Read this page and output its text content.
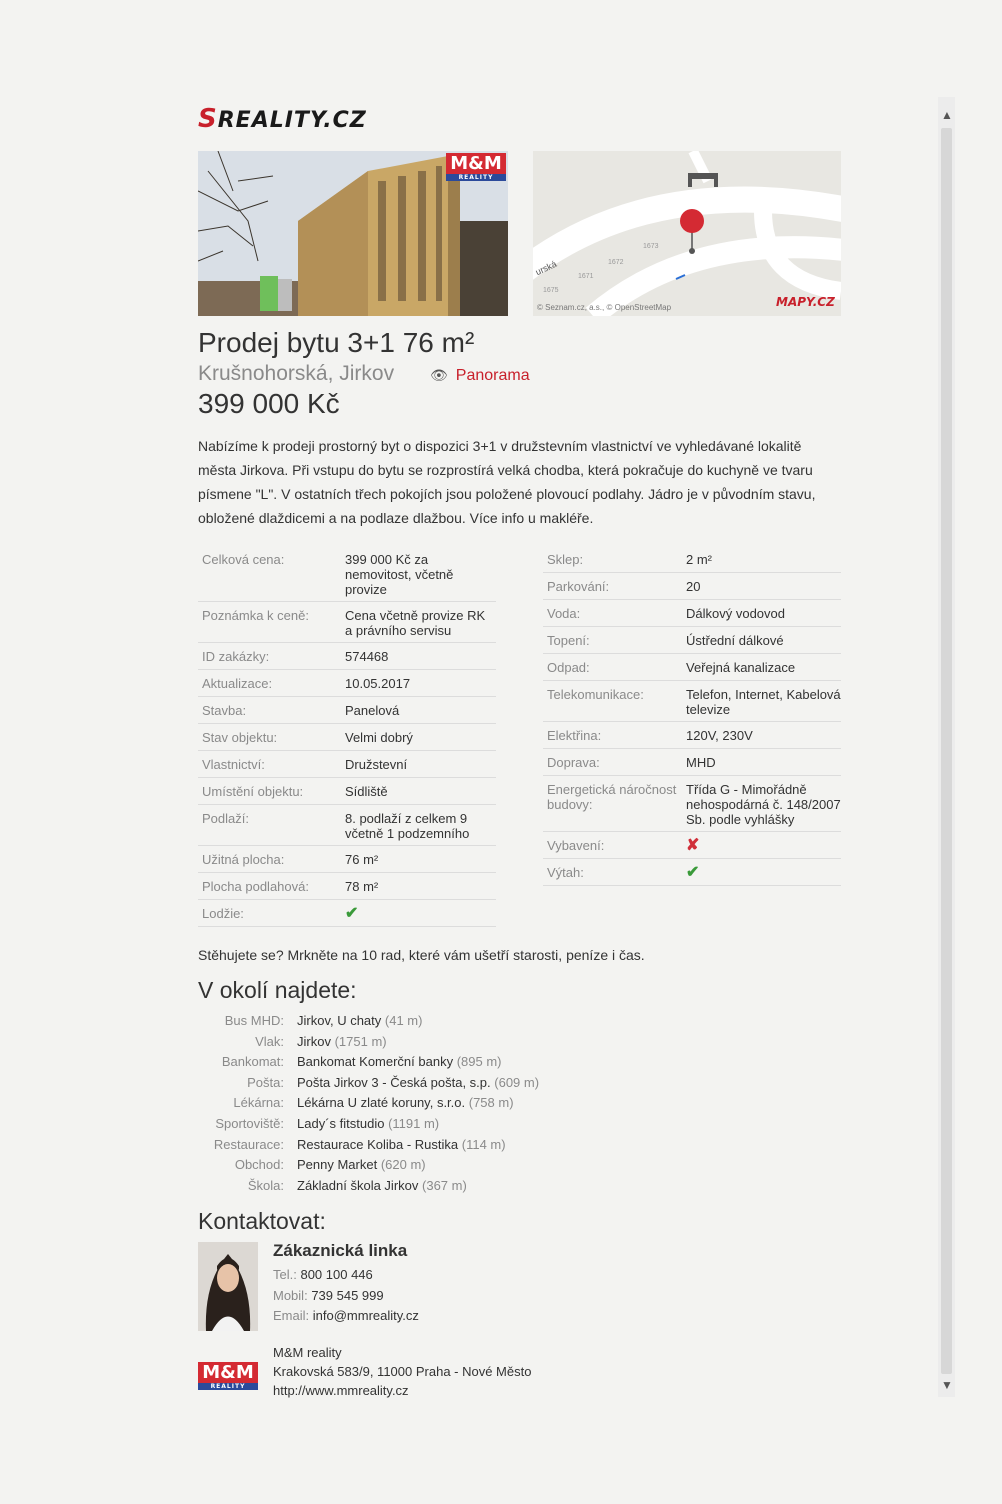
SREALITY.CZ
M&M
REALITY
urská
1673
1672
1671
1675
© Seznam.cz, a.s., © OpenStreetMap	MAPY.CZ
Prodej bytu 3+1 76 m²
Krušnohorská, Jirkov	👁 Panorama
399 000 Kč
Nabízíme k prodeji prostorný byt o dispozici 3+1 v družstevním vlastnictví ve vyhledávané lokalitě města Jirkova. Při vstupu do bytu se rozprostírá velká chodba, která pokračuje do kuchyně ve tvaru písmene "L". V ostatních třech pokojích jsou položené plovoucí podlahy. Jádro je v původním stavu, obložené dlaždicemi a na podlaze dlažbou. Více info u makléře.
Celková cena:	399 000 Kč za nemovitost, včetně provize
Poznámka k ceně:	Cena včetně provize RK a právního servisu
ID zakázky:	574468
Aktualizace:	10.05.2017
Stavba:	Panelová
Stav objektu:	Velmi dobrý
Vlastnictví:	Družstevní
Umístění objektu:	Sídliště
Podlaží:	8. podlaží z celkem 9 včetně 1 podzemního
Užitná plocha:	76 m²
Plocha podlahová:	78 m²
Lodžie:	✔
Sklep:	2 m²
Parkování:	20
Voda:	Dálkový vodovod
Topení:	Ústřední dálkové
Odpad:	Veřejná kanalizace
Telekomunikace:	Telefon, Internet, Kabelová televize
Elektřina:	120V, 230V
Doprava:	MHD
Energetická náročnost budovy:
Třída G - Mimořádně nehospodárná č. 148/2007 Sb. podle vyhlášky
Vybavení:	✘
Výtah:	✔
Stěhujete se? Mrkněte na 10 rad, které vám ušetří starosti, peníze i čas.
V okolí najdete:
Bus MHD:	Jirkov, U chaty
(41 m)
Vlak:	Jirkov
(1751 m)
Bankomat:	Bankomat Komerční banky
(895 m)
Pošta:	Pošta Jirkov 3 - Česká pošta, s.p.
(609 m)
Lékárna:	Lékárna U zlaté koruny, s.r.o.
(758 m)
Sportoviště:	Lady´s fitstudio
(1191 m)
Restaurace:	Restaurace Koliba - Rustika
(114 m)
Obchod:	Penny Market
(620 m)
Škola:	Základní škola Jirkov
(367 m)
Kontaktovat:
Zákaznická linka
Tel.: 800 100 446
Mobil: 739 545 999
Email: info@mmreality.cz
M&M
REALITY
M&M reality
Krakovská 583/9, 11000 Praha - Nové Město
http://www.mmreality.cz
▲
▼
